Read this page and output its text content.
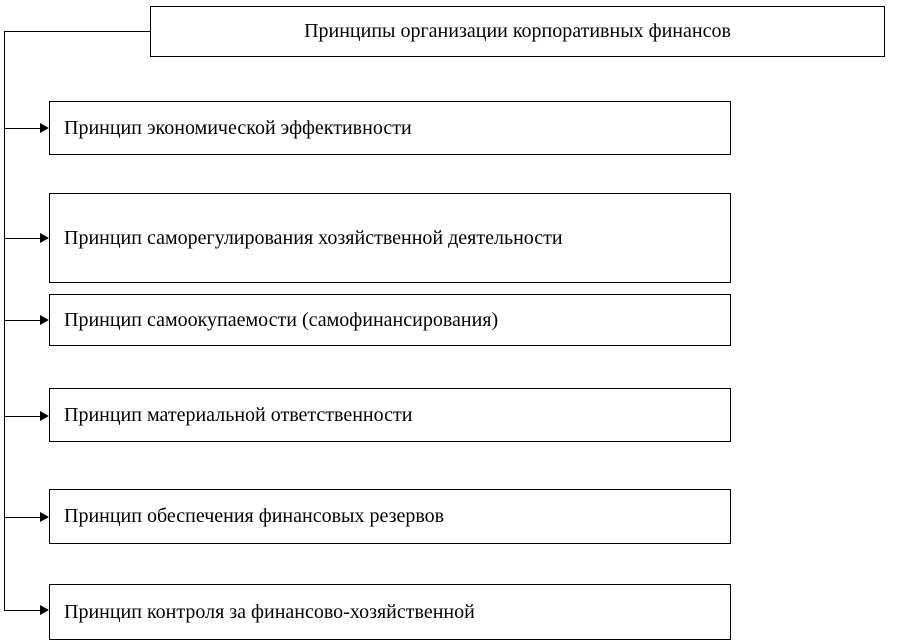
Принципы организации корпоративных финансов
Принцип экономической эффективности
Принцип саморегулирования хозяйственной деятельности
Принцип самоокупаемости (самофинансирования)
Принцип материальной ответственности
Принцип обеспечения финансовых резервов
Принцип контроля за финансово-хозяйственной
